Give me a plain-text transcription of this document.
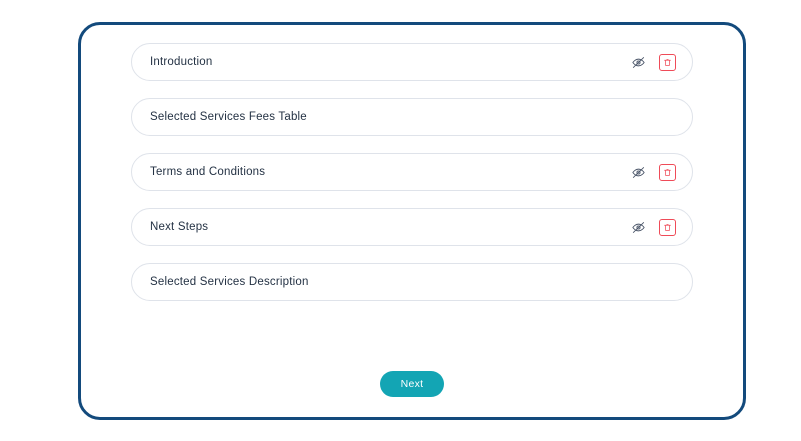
Introduction
Selected Services Fees Table
Terms and Conditions
Next Steps
Selected Services Description
Next
